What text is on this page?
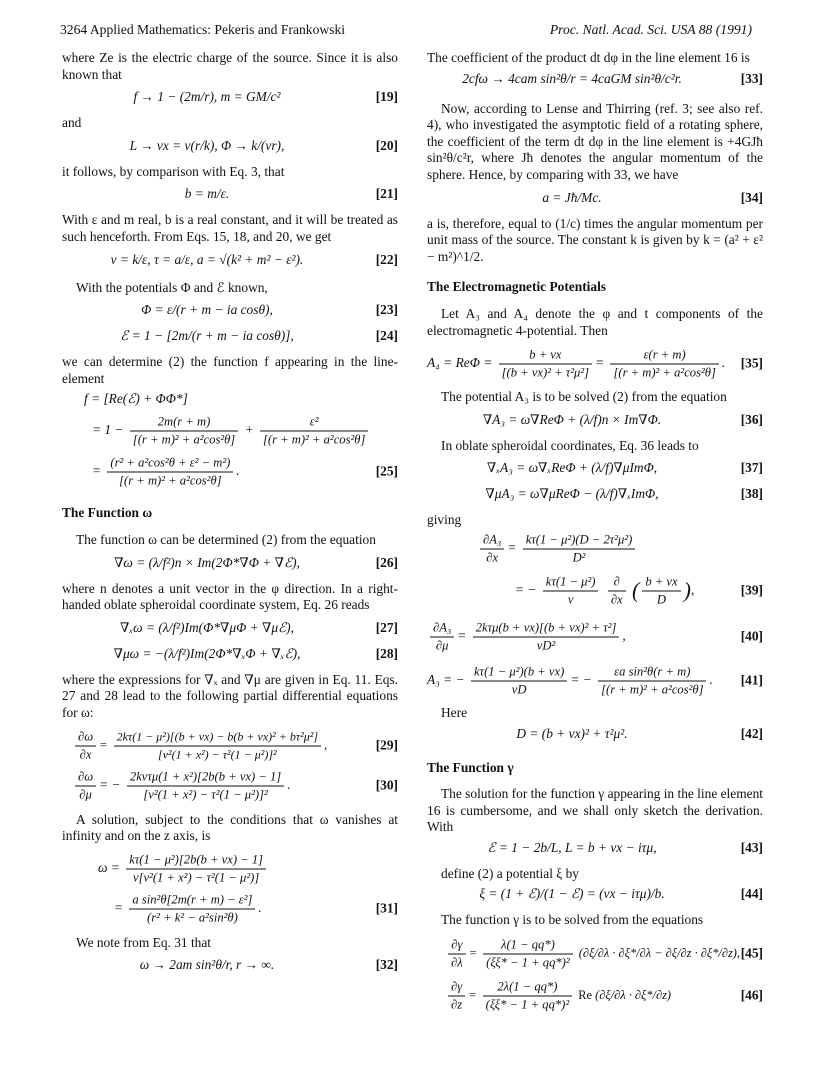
3264 Applied Mathematics: Pekeris and Frankowski	Proc. Natl. Acad. Sci. USA 88 (1991)

where Ze is the electric charge of the source. Since it is also known that

f → 1 − (2m/r), m = GM/c²	[19]

and

L → νx = ν(r/k), Φ → k/(νr),	[20]

it follows, by comparison with Eq. 3, that

b = m/ε.	[21]

With ε and m real, b is a real constant, and it will be treated as such henceforth. From Eqs. 15, 18, and 20, we get

ν = k/ε, τ = a/ε, a = √(k² + m² − ε²).	[22]

With the potentials Φ and ℰ known,

Φ = ε/(r + m − ia cosθ),	[23]
ℰ = 1 − [2m/(r + m − ia cosθ)],	[24]

we can determine (2) the function f appearing in the line-element

f = [Re(ℰ) + ΦΦ*]
= $1 - \frac{2m(r + m)}{\text{[(r + m)² + a²cos²θ]}} + \frac{\text{ε²}}{\text{[(r + m)² + a²cos²θ]}}$
= $\frac{\text{(r² + a²cos²θ + ε² − m²)}}{\text{[(r + m)² + a²cos²θ]}}$ .	[25]

The Function ω

The function ω can be determined (2) from the equation

∇ω = (λ/f²)n × Im(2Φ*∇Φ + ∇ℰ),	[26]

where n denotes a unit vector in the φ direction. In a right-handed oblate spheroidal coordinate system, Eq. 26 reads

∇ₓω = (λ/f²)Im(Φ*∇μΦ + ∇μℰ),	[27]
∇μω = −(λ/f²)Im(2Φ*∇ₓΦ + ∇ₓℰ),	[28]

where the expressions for ∇ₓ and ∇μ are given in Eq. 11. Eqs. 27 and 28 lead to the following partial differential equations for ω:

$\frac{\partial\omega}{\partial x} = \frac{\text{2kτ(1 − μ²)[(b + νx) − b(b + νx)² + bτ²μ²]}}{\text{[ν²(1 + x²) − τ²(1 − μ²)]²}}$ ,	[29]
$\frac{\partial\omega}{\partial\mu}$ = − $\frac{\text{2kντμ(1 + x²)[2b(b + νx) − 1]}}{\text{[ν²(1 + x²) − τ²(1 − μ²)]²}}$ .	[30]

A solution, subject to the conditions that ω vanishes at infinity and on the z axis, is

$\omega = \frac{\text{kτ(1 − μ²)[2b(b + νx) − 1]}}{\text{ν[ν²(1 + x²) − τ²(1 − μ²)]}}$
= $\frac{\text{a sin²θ[2m(r + m) − ε²]}}{\text{(r² + k² − a²sin²θ)}}$ .	[31]

We note from Eq. 31 that

ω → 2am sin²θ/r, r → ∞.	[32]

The coefficient of the product dt dφ in the line element 16 is

2cfω → 4cam sin²θ/r = 4caGM sin²θ/c²r.	[33]

Now, according to Lense and Thirring (ref. 3; see also ref. 4), who investigated the asymptotic field of a rotating sphere, the coefficient of the term dt dφ in the line element is +4GJħ sin²θ/c²r, where Jħ denotes the angular momentum of the sphere. Hence, by comparing with 33, we have

a = Jħ/Mc.	[34]

a is, therefore, equal to (1/c) times the angular momentum per unit mass of the source. The constant k is given by k = (a² + ε² − m²)^1/2.

The Electromagnetic Potentials

Let A₃ and A₄ denote the φ and t components of the electromagnetic 4-potential. Then

$A_4 = Re\Phi = \frac{b + \nu x}{\text{[(b + νx)² + τ²μ²]}} = \frac{\varepsilon(r + m)}{\text{[(r + m)² + a²cos²θ]}}$ . [35]

The potential A₃ is to be solved (2) from the equation

∇A₃ = ω∇ReΦ + (λ/f)n × Im∇Φ.	[36]

In oblate spheroidal coordinates, Eq. 36 leads to

∇ₓA₃ = ω∇ₓReΦ + (λ/f)∇μImΦ,	[37]
∇μA₃ = ω∇μReΦ − (λ/f)∇ₓImΦ,	[38]

giving

$\frac{\text{∂A₃}}{\partial x} = \frac{\text{kτ(1 − μ²)(D − 2τ²μ²)}}{\text{D²}}$
= − $\frac{\text{kτ(1 − μ²)}}{\nu}$
$\frac{\partial}{\partial x}$ ( $\frac{b + \nu x}{D}$ ),	[39]
$\frac{\text{∂A₃}}{\partial\mu} = \frac{\text{2kτμ(b + νx)[(b + νx)² + τ²]}}{\text{νD²}}$ ,	[40]
A₃ = − $\frac{\text{kτ(1 − μ²)(b + νx)}}{\nu D}$ = − $\frac{\text{εa sin²θ(r + m)}}{\text{[(r + m)² + a²cos²θ]}}$ .	[41]

Here

D = (b + νx)² + τ²μ².	[42]

The Function γ

The solution for the function γ appearing in the line element 16 is cumbersome, and we shall only sketch the derivation. With

ℰ = 1 − 2b/L, L = b + νx − iτμ,	[43]

define (2) a potential ξ by

ξ = (1 + ℰ)/(1 − ℰ) = (νx − iτμ)/b.	[44]

The function γ is to be solved from the equations

$\frac{\partial\gamma}{\partial\lambda} = \frac{\lambda(1 - qq*)}{\text{(ξξ* − 1 + qq*)²}} (\partial\xi/\partial\lambda \cdot \partial\xi*/\partial\lambda - \partial\xi/\partial z \cdot \partial\xi*/\partial z)$, [45]
$\frac{\partial\gamma}{\partial z} = \frac{2\lambda(1 - qq*)}{\text{(ξξ* − 1 + qq*)²}}$ Re (∂ξ/∂λ · ∂ξ*/∂z)	[46]
